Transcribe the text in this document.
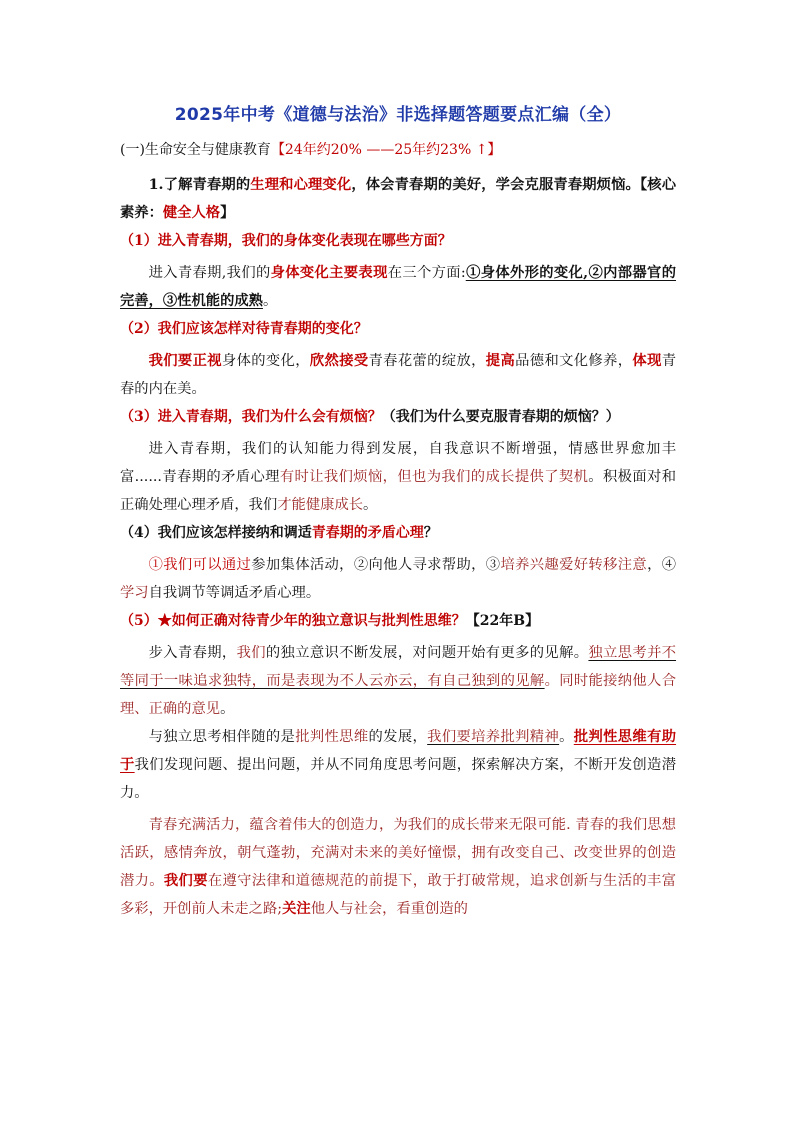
2025年中考《道德与法治》非选择题答题要点汇编（全）
(一)生命安全与健康教育【24年约20% ——25年约23% ↑】

1.了解青春期的生理和心理变化，体会青春期的美好，学会克服青春期烦恼。【核心素养：健全人格】

（1）进入青春期，我们的身体变化表现在哪些方面？

进入青春期,我们的身体变化主要表现在三个方面:①身体外形的变化,②内部器官的完善，③性机能的成熟。

（2）我们应该怎样对待青春期的变化？

我们要正视身体的变化，欣然接受青春花蕾的绽放，提高品德和文化修养，体现青春的内在美。

（3）进入青春期，我们为什么会有烦恼？（我们为什么要克服青春期的烦恼？）

进入青春期，我们的认知能力得到发展，自我意识不断增强，情感世界愈加丰富......青春期的矛盾心理有时让我们烦恼，但也为我们的成长提供了契机。积极面对和正确处理心理矛盾，我们才能健康成长。

（4）我们应该怎样接纳和调适青春期的矛盾心理？

①我们可以通过参加集体活动，②向他人寻求帮助，③培养兴趣爱好转移注意，④学习自我调节等调适矛盾心理。

（5）★如何正确对待青少年的独立意识与批判性思维？【22年B】

步入青春期，我们的独立意识不断发展，对问题开始有更多的见解。独立思考并不等同于一味追求独特，而是表现为不人云亦云，有自己独到的见解。同时能接纳他人合理、正确的意见。

与独立思考相伴随的是批判性思维的发展，我们要培养批判精神。批判性思维有助于我们发现问题、提出问题，并从不同角度思考问题，探索解决方案，不断开发创造潜力。

青春充满活力，蕴含着伟大的创造力，为我们的成长带来无限可能. 青春的我们思想活跃，感情奔放，朝气蓬勃，充满对未来的美好憧憬，拥有改变自己、改变世界的创造潜力。我们要在遵守法律和道德规范的前提下，敢于打破常规，追求创新与生活的丰富多彩，开创前人未走之路;关注他人与社会，看重创造的
